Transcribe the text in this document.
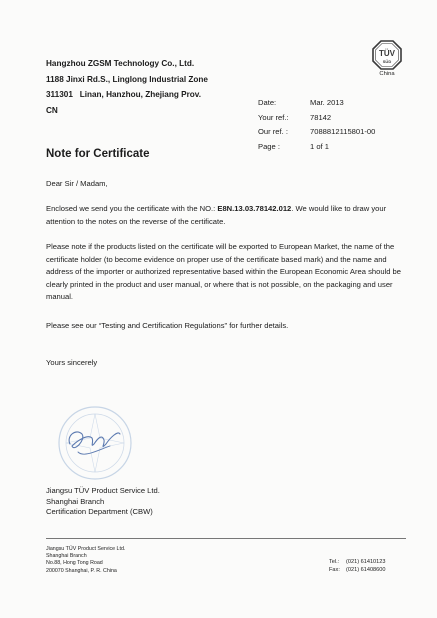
Hangzhou ZGSM Technology Co., Ltd.
1188 Jinxi Rd.S., Linglong Industrial Zone
311301   Linan, Hanzhou, Zhejiang Prov.
CN
TÜV
SÜD
China
Date:	Mar. 2013
Your ref.:	78142
Our ref. :	7088812115801-00
Page :	1 of 1
Note for Certificate
Dear Sir / Madam,
Enclosed we send you the certificate with the NO.: E8N.13.03.78142.012. We would like to draw your attention to the notes on the reverse of the certificate.
Please note if the products listed on the certificate will be exported to European Market, the name of the certificate holder (to become evidence on proper use of the certificate based mark) and the name and address of the importer or authorized representative based within the European Economic Area should be clearly printed in the product and user manual, or where that is not possible, on the packaging and user manual.
Please see our “Testing and Certification Regulations” for further details.
Yours sincerely
Jiangsu TÜV Product Service Ltd.
Shanghai Branch
Certification Department (CBW)
Jiangsu TÜV Product Service Ltd.
Shanghai Branch
No.88, Hong Tong Road
200070 Shanghai, P. R. China
Tel.:	(021) 61410123
Fax:	(021) 61408600
